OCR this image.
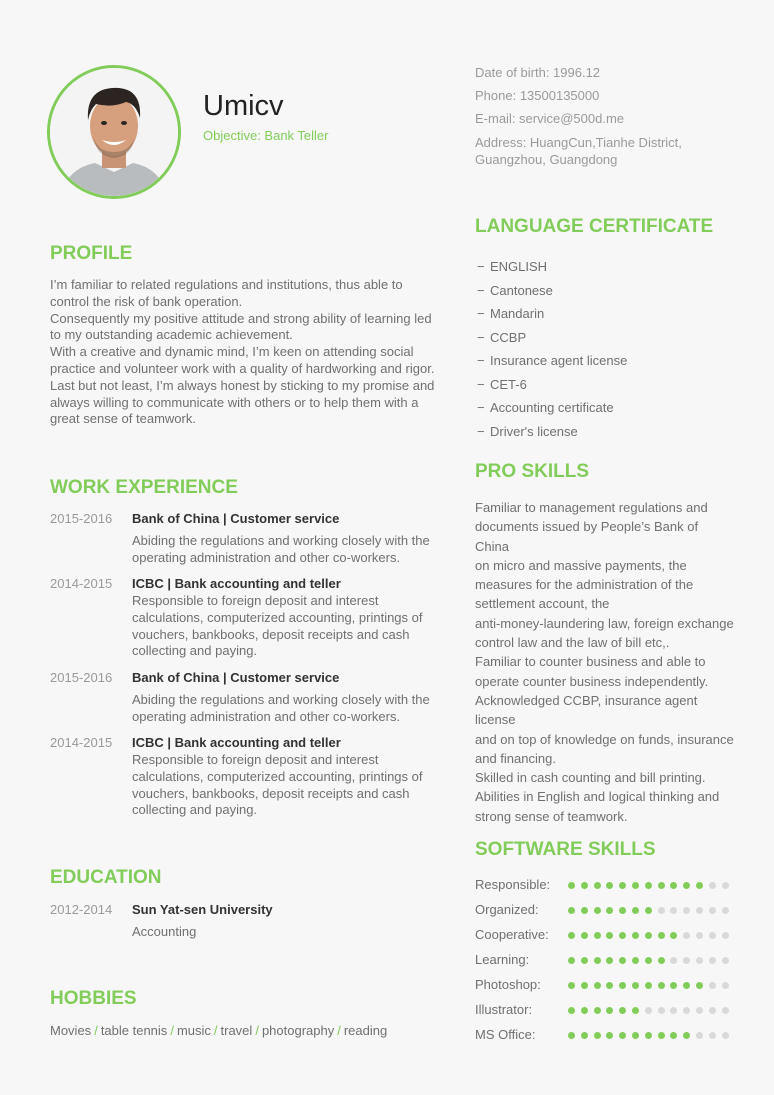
Umicv
Objective: Bank Teller
Date of birth: 1996.12
Phone: 13500135000
E-mail: service@500d.me
Address: HuangCun,Tianhe District,
Guangzhou, Guangdong
PROFILE
I’m familiar to related regulations and institutions, thus able to
control the risk of bank operation.
Consequently my positive attitude and strong ability of learning led
to my outstanding academic achievement.
With a creative and dynamic mind, I’m keen on attending social
practice and volunteer work with a quality of hardworking and rigor.
Last but not least, I’m always honest by sticking to my promise and
always willing to communicate with others or to help them with a
great sense of teamwork.
WORK EXPERIENCE
2015-2016 Bank of China | Customer service
Abiding the regulations and working closely with the
operating administration and other co-workers.
2014-2015 ICBC | Bank accounting and teller
Responsible to foreign deposit and interest
calculations, computerized accounting, printings of
vouchers, bankbooks, deposit receipts and cash
collecting and paying.
2015-2016 Bank of China | Customer service
Abiding the regulations and working closely with the
operating administration and other co-workers.
2014-2015 ICBC | Bank accounting and teller
Responsible to foreign deposit and interest
calculations, computerized accounting, printings of
vouchers, bankbooks, deposit receipts and cash
collecting and paying.
EDUCATION
2012-2014 Sun Yat-sen University
Accounting
HOBBIES
Movies / table tennis / music / travel / photography / reading
LANGUAGE CERTIFICATE
− ENGLISH
− Cantonese
− Mandarin
− CCBP
− Insurance agent license
− CET-6
− Accounting certificate
− Driver's license
PRO SKILLS
Familiar to management regulations and
documents issued by People’s Bank of China
on micro and massive payments, the
measures for the administration of the
settlement account, the
anti-money-laundering law, foreign exchange
control law and the law of bill etc,.
Familiar to counter business and able to
operate counter business independently.
Acknowledged CCBP, insurance agent license
and on top of knowledge on funds, insurance
and financing.
Skilled in cash counting and bill printing.
Abilities in English and logical thinking and
strong sense of teamwork.
SOFTWARE SKILLS
Responsible:
Organized:
Cooperative:
Learning:
Photoshop:
Illustrator:
MS Office:
